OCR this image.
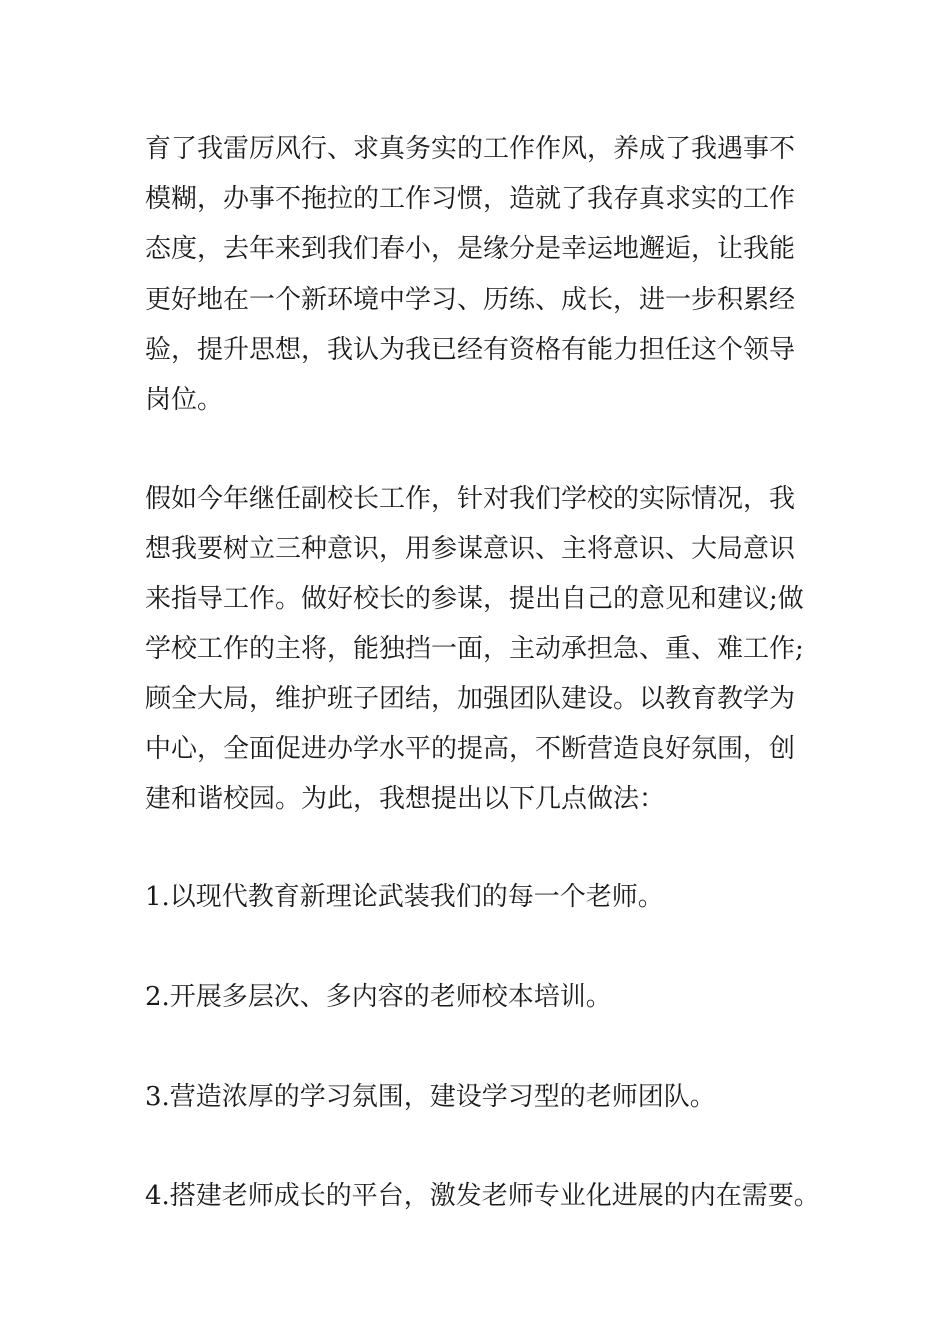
育了我雷厉风行、求真务实的工作作风，养成了我遇事不
模糊，办事不拖拉的工作习惯，造就了我存真求实的工作
态度，去年来到我们春小，是缘分是幸运地邂逅，让我能
更好地在一个新环境中学习、历练、成长，进一步积累经
验，提升思想，我认为我已经有资格有能力担任这个领导
岗位。
假如今年继任副校长工作，针对我们学校的实际情况，我
想我要树立三种意识，用参谋意识、主将意识、大局意识
来指导工作。做好校长的参谋，提出自己的意见和建议;做
学校工作的主将，能独挡一面，主动承担急、重、难工作;
顾全大局，维护班子团结，加强团队建设。以教育教学为
中心，全面促进办学水平的提高，不断营造良好氛围，创
建和谐校园。为此，我想提出以下几点做法：
1.以现代教育新理论武装我们的每一个老师。
2.开展多层次、多内容的老师校本培训。
3.营造浓厚的学习氛围，建设学习型的老师团队。
4.搭建老师成长的平台，激发老师专业化进展的内在需要。
